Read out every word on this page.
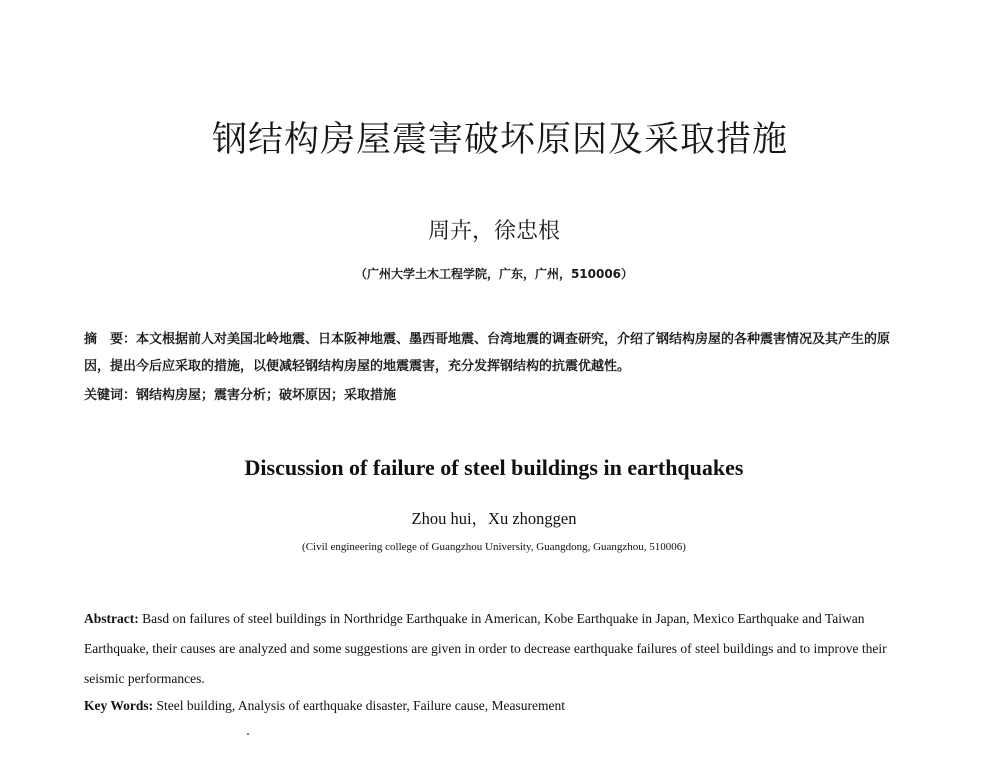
钢结构房屋震害破坏原因及采取措施
周卉，徐忠根
（广州大学土木工程学院，广东，广州，510006）
摘　要：本文根据前人对美国北岭地震、日本阪神地震、墨西哥地震、台湾地震的调查研究，介绍了钢结构房屋的各种震害情况及其产生的原因，提出今后应采取的措施，以便减轻钢结构房屋的地震震害，充分发挥钢结构的抗震优越性。
关键词：钢结构房屋；震害分析；破坏原因；采取措施
Discussion of failure of steel buildings in earthquakes
Zhou hui，Xu zhonggen
(Civil engineering college of Guangzhou University, Guangdong, Guangzhou, 510006)
Abstract: Basd on failures of steel buildings in Northridge Earthquake in American, Kobe Earthquake in Japan, Mexico Earthquake and Taiwan Earthquake, their causes are analyzed and some suggestions are given in order to decrease earthquake failures of steel buildings and to improve their seismic performances.
Key Words: Steel building, Analysis of earthquake disaster, Failure cause, Measurement
